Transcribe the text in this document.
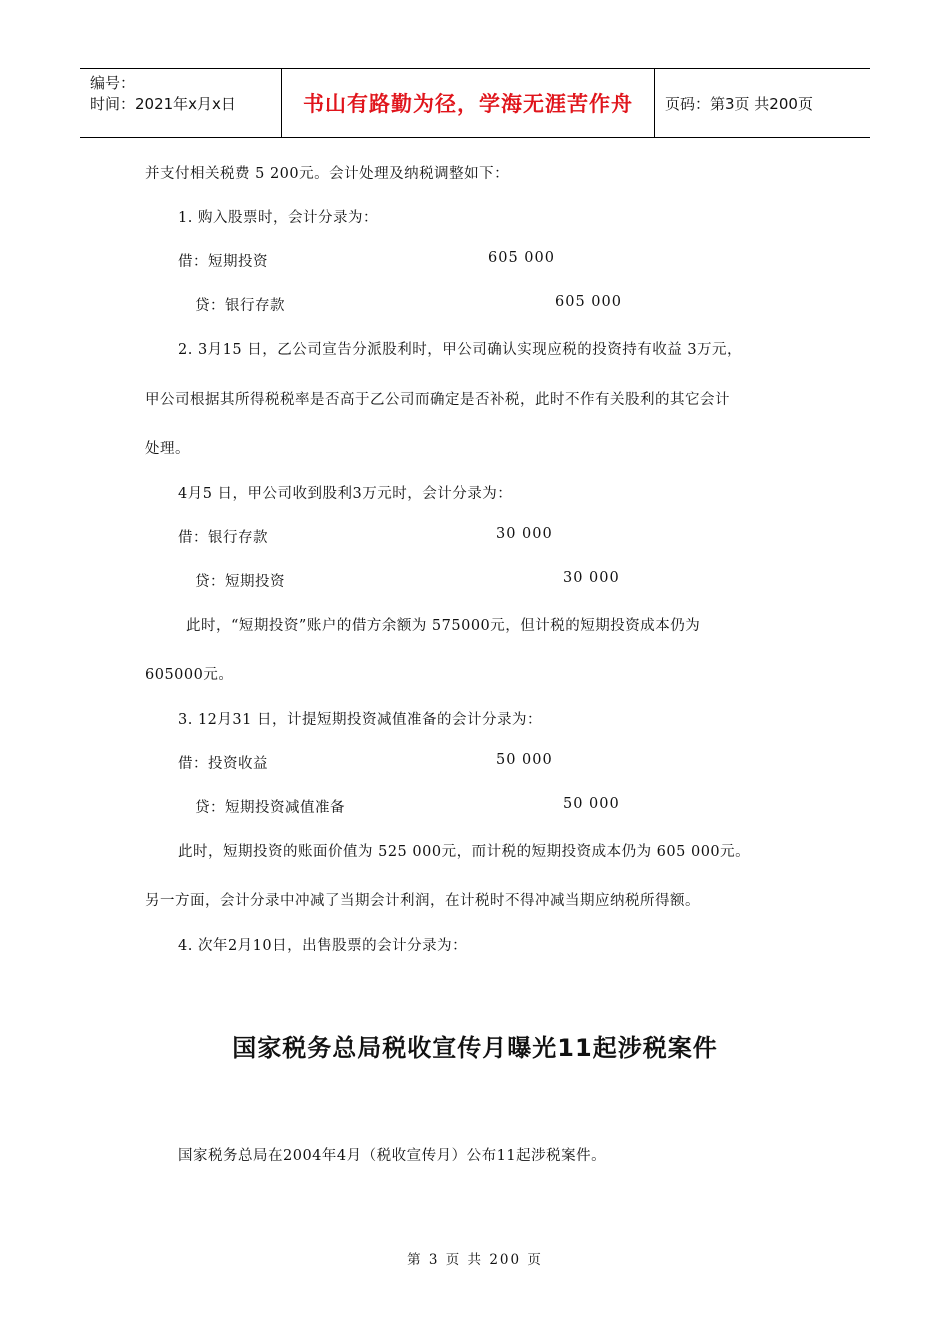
编号：
时间：2021年x月x日	书山有路勤为径，学海无涯苦作舟	页码：第3页 共200页
并支付相关税费 5 200元。会计处理及纳税调整如下：
1. 购入股票时，会计分录为：
借：短期投资	605 000
贷：银行存款	605 000
2. 3月15 日，乙公司宣告分派股利时，甲公司确认实现应税的投资持有收益 3万元，
甲公司根据其所得税税率是否高于乙公司而确定是否补税，此时不作有关股利的其它会计
处理。
4月5 日，甲公司收到股利3万元时，会计分录为：
借：银行存款	30 000
贷：短期投资	30 000
此时，“短期投资”账户的借方余额为 575000元，但计税的短期投资成本仍为
605000元。
3. 12月31 日，计提短期投资减值准备的会计分录为：
借：投资收益	50 000
贷：短期投资减值准备	50 000
此时，短期投资的账面价值为 525 000元，而计税的短期投资成本仍为 605 000元。
另一方面，会计分录中冲减了当期会计利润，在计税时不得冲减当期应纳税所得额。
4. 次年2月10日，出售股票的会计分录为：
国家税务总局税收宣传月曝光11起涉税案件
国家税务总局在2004年4月（税收宣传月）公布11起涉税案件。
第 3 页 共 200 页
